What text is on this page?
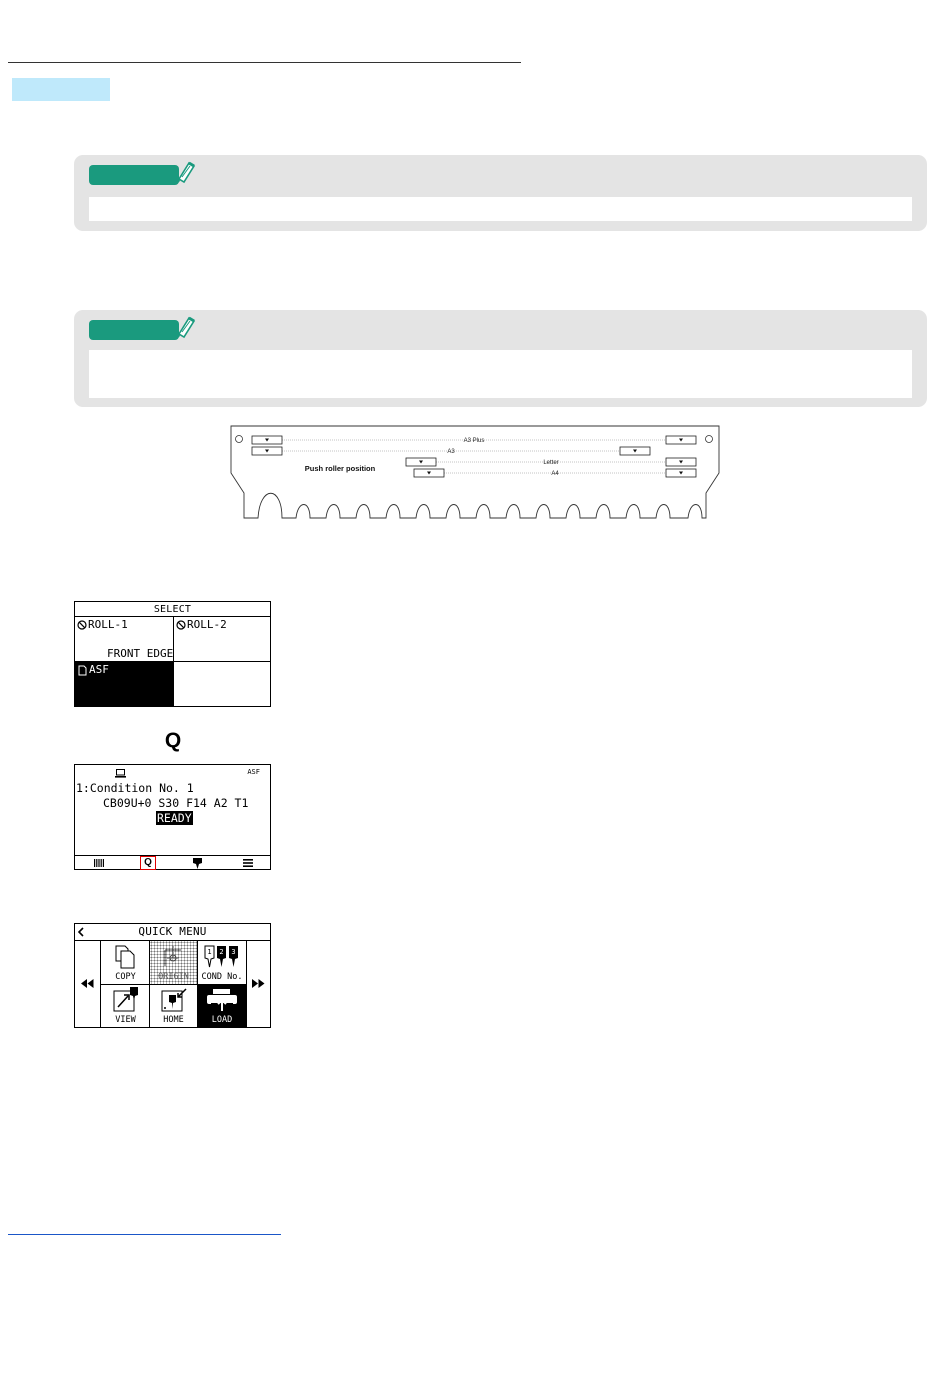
A3 Plus
A3
Letter
A4
Push roller position
SELECT
ROLL-1
FRONT EDGE
ROLL-2
ASF
Q
ASF
1:Condition No. 1
CB09U+0 S30 F14 A2 T1
READY
Q
QUICK MENU
COPY	ORIGIN
1 2 3
COND No.
VIEW	HOME	LOAD
